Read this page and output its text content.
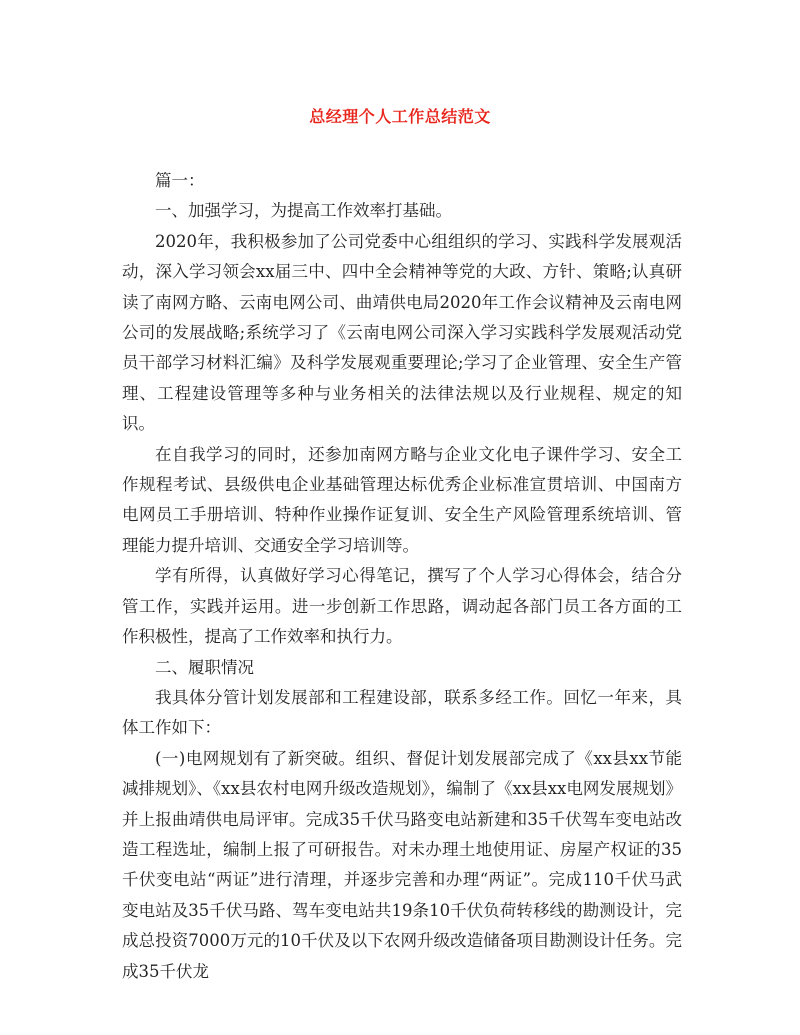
总经理个人工作总结范文

篇一：

一、加强学习，为提高工作效率打基础。

2020年，我积极参加了公司党委中心组组织的学习、实践科学发展观活动，深入学习领会xx届三中、四中全会精神等党的大政、方针、策略;认真研读了南网方略、云南电网公司、曲靖供电局2020年工作会议精神及云南电网公司的发展战略;系统学习了《云南电网公司深入学习实践科学发展观活动党员干部学习材料汇编》及科学发展观重要理论;学习了企业管理、安全生产管理、工程建设管理等多种与业务相关的法律法规以及行业规程、规定的知识。

在自我学习的同时，还参加南网方略与企业文化电子课件学习、安全工作规程考试、县级供电企业基础管理达标优秀企业标准宣贯培训、中国南方电网员工手册培训、特种作业操作证复训、安全生产风险管理系统培训、管理能力提升培训、交通安全学习培训等。

学有所得，认真做好学习心得笔记，撰写了个人学习心得体会，结合分管工作，实践并运用。进一步创新工作思路，调动起各部门员工各方面的工作积极性，提高了工作效率和执行力。

二、履职情况

我具体分管计划发展部和工程建设部，联系多经工作。回忆一年来，具体工作如下：

(一)电网规划有了新突破。组织、督促计划发展部完成了《xx县xx节能减排规划》、《xx县农村电网升级改造规划》，编制了《xx县xx电网发展规划》并上报曲靖供电局评审。完成35千伏马路变电站新建和35千伏驾车变电站改造工程选址，编制上报了可研报告。对未办理土地使用证、房屋产权证的35千伏变电站“两证”进行清理，并逐步完善和办理“两证”。完成110千伏马武变电站及35千伏马路、驾车变电站共19条10千伏负荷转移线的勘测设计，完成总投资7000万元的10千伏及以下农网升级改造储备项目勘测设计任务。完成35千伏龙
